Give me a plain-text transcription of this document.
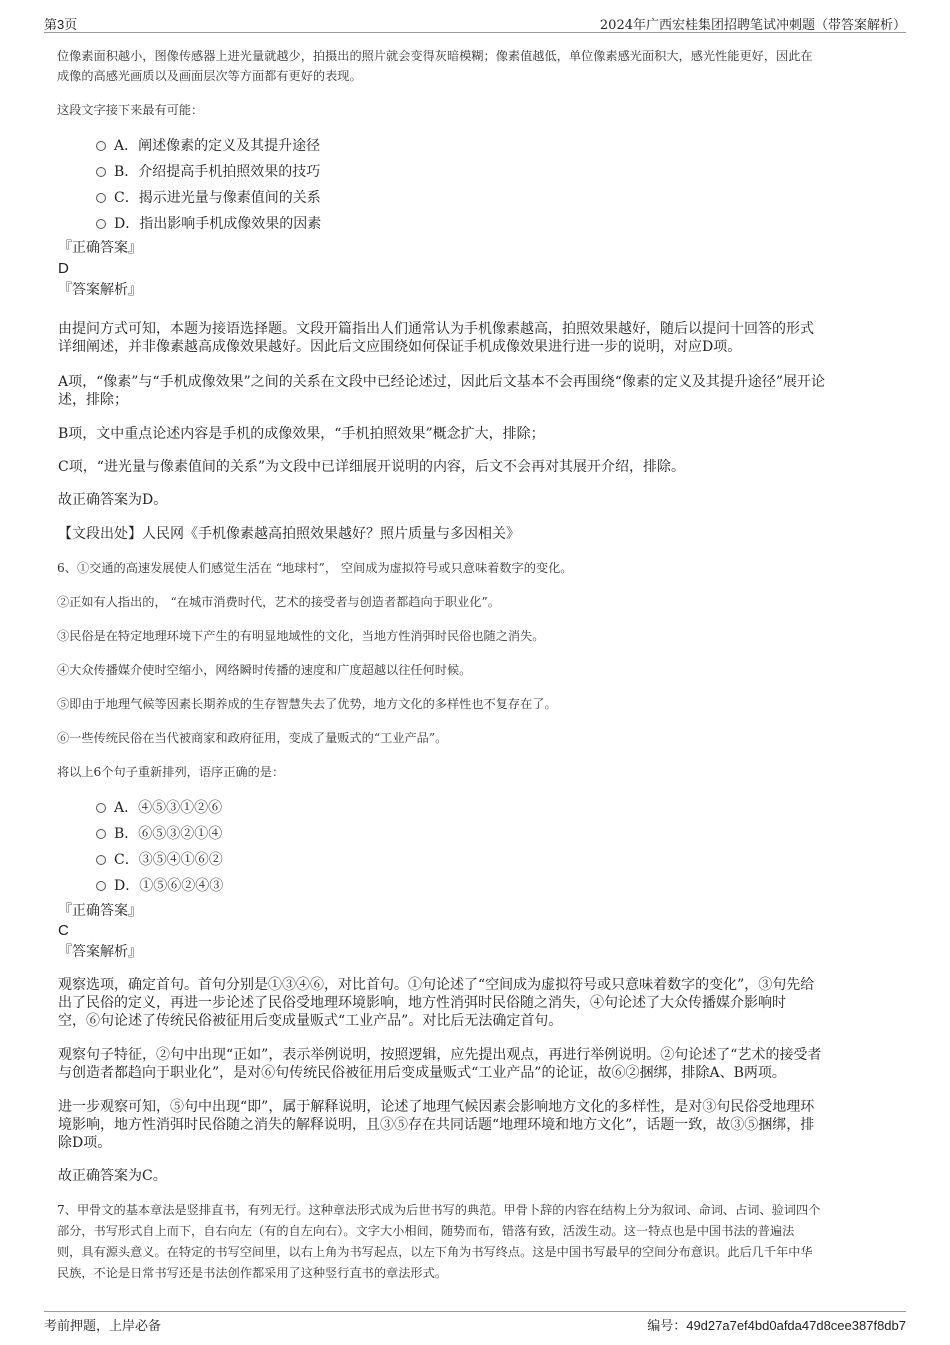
第3页	2024年广西宏桂集团招聘笔试冲刺题（带答案解析）
位像素面积越小，图像传感器上进光量就越少，拍摄出的照片就会变得灰暗模糊；像素值越低，单位像素感光面积大，感光性能更好，因此在
成像的高感光画质以及画面层次等方面都有更好的表现。
这段文字接下来最有可能：
A．阐述像素的定义及其提升途径
B．介绍提高手机拍照效果的技巧
C．揭示进光量与像素值间的关系
D．指出影响手机成像效果的因素
『正确答案』
D
『答案解析』
由提问方式可知，本题为接语选择题。文段开篇指出人们通常认为手机像素越高，拍照效果越好，随后以提问十回答的形式
详细阐述，并非像素越高成像效果越好。因此后文应围绕如何保证手机成像效果进行进一步的说明，对应D项。
A项，“像素”与“手机成像效果”之间的关系在文段中已经论述过，因此后文基本不会再围绕“像素的定义及其提升途径”展开论
述，排除；
B项，文中重点论述内容是手机的成像效果，“手机拍照效果”概念扩大，排除；
C项，“进光量与像素值间的关系”为文段中已详细展开说明的内容，后文不会再对其展开介绍，排除。
故正确答案为D。
【文段出处】人民网《手机像素越高拍照效果越好？照片质量与多因相关》
6、①交通的高速发展使人们感觉生活在 “地球村”， 空间成为虚拟符号或只意味着数字的变化。
②正如有人指出的， “在城市消费时代，艺术的接受者与创造者都趋向于职业化”。
③民俗是在特定地理环境下产生的有明显地域性的文化，当地方性消弭时民俗也随之消失。
④大众传播媒介使时空缩小，网络瞬时传播的速度和广度超越以往任何时候。
⑤即由于地理气候等因素长期养成的生存智慧失去了优势，地方文化的多样性也不复存在了。
⑥一些传统民俗在当代被商家和政府征用，变成了量贩式的“工业产品”。
将以上6个句子重新排列，语序正确的是：
A．④⑤③①②⑥
B．⑥⑤③②①④
C．③⑤④①⑥②
D．①⑤⑥②④③
『正确答案』
C
『答案解析』
观察选项，确定首句。首句分别是①③④⑥，对比首句。①句论述了“空间成为虚拟符号或只意味着数字的变化”，③句先给
出了民俗的定义，再进一步论述了民俗受地理环境影响，地方性消弭时民俗随之消失，④句论述了大众传播媒介影响时
空，⑥句论述了传统民俗被征用后变成量贩式“工业产品”。对比后无法确定首句。
观察句子特征，②句中出现“正如”，表示举例说明，按照逻辑，应先提出观点，再进行举例说明。②句论述了“艺术的接受者
与创造者都趋向于职业化”，是对⑥句传统民俗被征用后变成量贩式“工业产品”的论证，故⑥②捆绑，排除A、B两项。
进一步观察可知，⑤句中出现“即”，属于解释说明，论述了地理气候因素会影响地方文化的多样性，是对③句民俗受地理环
境影响，地方性消弭时民俗随之消失的解释说明，且③⑤存在共同话题“地理环境和地方文化”，话题一致，故③⑤捆绑，排
除D项。
故正确答案为C。
7、甲骨文的基本章法是竖排直书，有列无行。这种章法形式成为后世书写的典范。甲骨卜辞的内容在结构上分为叙词、命词、占词、验词四个
部分，书写形式自上而下，自右向左（有的自左向右）。文字大小相间，随势而布，错落有致，活泼生动。这一特点也是中国书法的普遍法
则，具有源头意义。在特定的书写空间里，以右上角为书写起点，以左下角为书写终点。这是中国书写最早的空间分布意识。此后几千年中华
民族，不论是日常书写还是书法创作都采用了这种竖行直书的章法形式。
考前押题，上岸必备	编号：49d27a7ef4bd0afda47d8cee387f8db7
